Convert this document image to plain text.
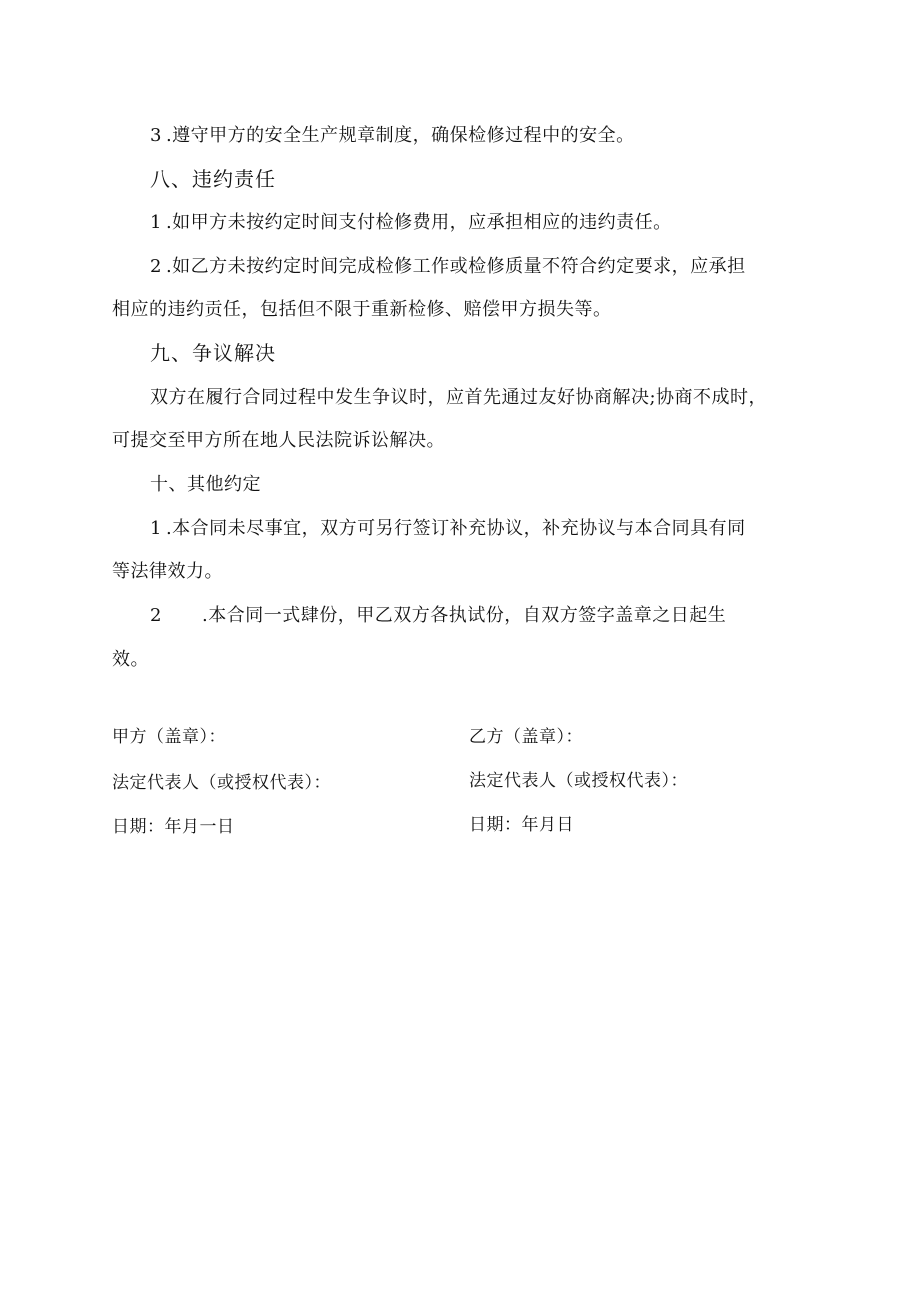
3 .遵守甲方的安全生产规章制度，确保检修过程中的安全。
八、违约责任
1 .如甲方未按约定时间支付检修费用，应承担相应的违约责任。
2 .如乙方未按约定时间完成检修工作或检修质量不符合约定要求，应承担
相应的违约贡任，包括但不限于重新检修、赔偿甲方损失等。
九、争议解决
双方在履行合同过程中发生争议时，应首先通过友好协商解决;协商不成时，
可提交至甲方所在地人民法院诉讼解决。
十、其他约定
1 .本合同未尽事宜，双方可另行签订补充协议，补充协议与本合同具有同
等法律效力。
2 .本合同一式肆份，甲乙双方各执试份，自双方签字盖章之日起生
效。
甲方（盖章）：	乙方（盖章）：
法定代表人（或授权代表）：	法定代表人（或授权代表）：
日期：年月一日	日期：年月日
